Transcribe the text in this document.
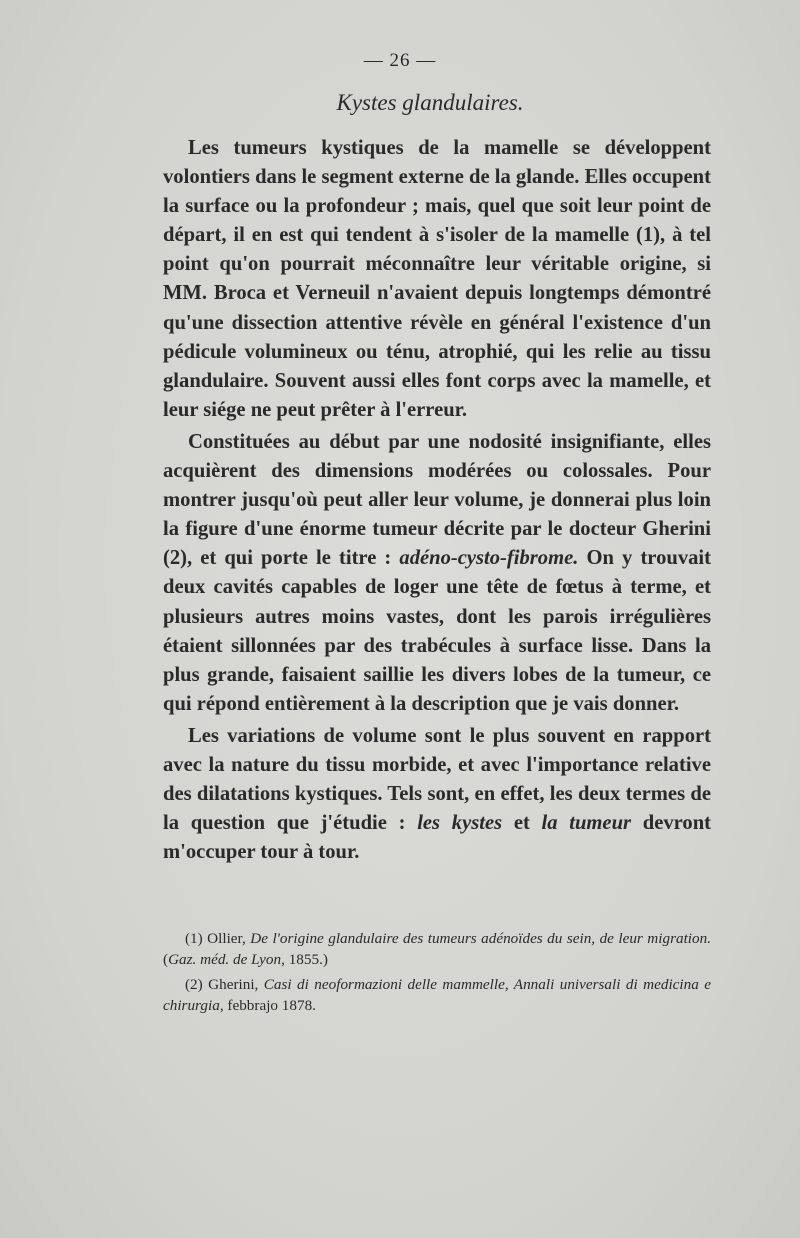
— 26 —
Kystes glandulaires.

Les tumeurs kystiques de la mamelle se développent volontiers dans le segment externe de la glande. Elles occupent la surface ou la profondeur ; mais, quel que soit leur point de départ, il en est qui tendent à s'isoler de la mamelle (1), à tel point qu'on pourrait méconnaître leur véritable origine, si MM. Broca et Verneuil n'avaient depuis longtemps démontré qu'une dissection attentive révèle en général l'existence d'un pédicule volumineux ou ténu, atrophié, qui les relie au tissu glandulaire. Souvent aussi elles font corps avec la mamelle, et leur siége ne peut prêter à l'erreur.

Constituées au début par une nodosité insignifiante, elles acquièrent des dimensions modérées ou colossales. Pour montrer jusqu'où peut aller leur volume, je donnerai plus loin la figure d'une énorme tumeur décrite par le docteur Gherini (2), et qui porte le titre : adéno-cysto-fibrome. On y trouvait deux cavités capables de loger une tête de fœtus à terme, et plusieurs autres moins vastes, dont les parois irrégulières étaient sillonnées par des trabécules à surface lisse. Dans la plus grande, faisaient saillie les divers lobes de la tumeur, ce qui répond entièrement à la description que je vais donner.

Les variations de volume sont le plus souvent en rapport avec la nature du tissu morbide, et avec l'importance relative des dilatations kystiques. Tels sont, en effet, les deux termes de la question que j'étudie : les kystes et la tumeur devront m'occuper tour à tour.

(1) Ollier, De l'origine glandulaire des tumeurs adénoïdes du sein, de leur migration. (Gaz. méd. de Lyon, 1855.)

(2) Gherini, Casi di neoformazioni delle mammelle, Annali universali di medicina e chirurgia, febbrajo 1878.
